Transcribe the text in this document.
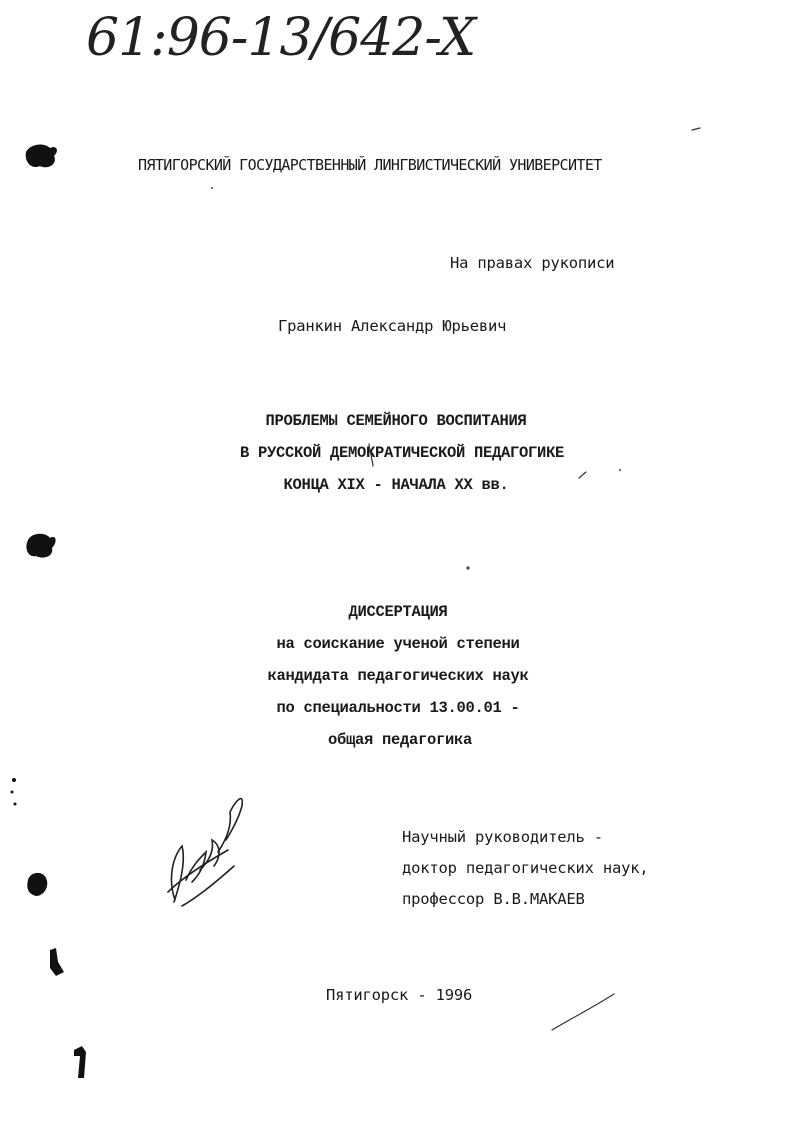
61:96-13/642-X
ПЯТИГОРСКИЙ ГОСУДАРСТВЕННЫЙ ЛИНГВИСТИЧЕСКИЙ УНИВЕРСИТЕТ
На правах рукописи
Гранкин Александр Юрьевич
ПРОБЛЕМЫ СЕМЕЙНОГО ВОСПИТАНИЯ
В РУССКОЙ ДЕМОКРАТИЧЕСКОЙ ПЕДАГОГИКЕ
КОНЦА XIX - НАЧАЛА XX вв.
ДИССЕРТАЦИЯ
на соискание ученой степени
кандидата педагогических наук
по специальности 13.00.01 -
общая педагогика
Научный руководитель -
доктор педагогических наук,
профессор В.В.МАКАЕВ
Пятигорск - 1996
